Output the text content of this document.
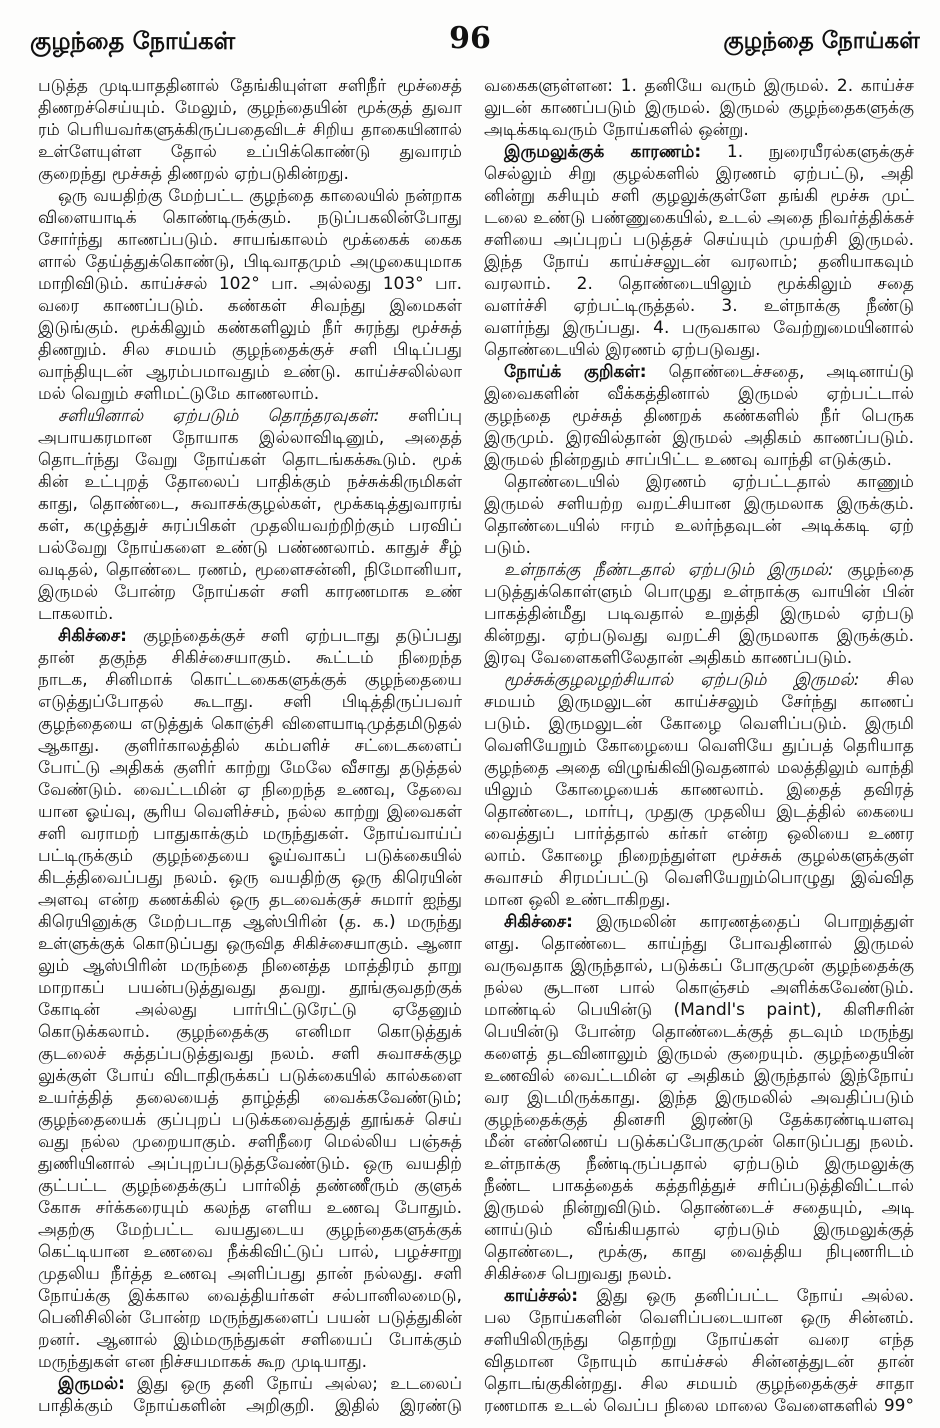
குழந்தை நோய்கள்	96	குழந்தை நோய்கள்
படுத்த முடியாததினால் தேங்கியுள்ள சளிநீர் மூச்சைத்
திணறச்செய்யும். மேலும், குழந்தையின் மூக்குத் துவா
ரம் பெரியவர்களுக்கிருப்பதைவிடச் சிறிய தாகையினால்
உள்ளேயுள்ள தோல் உப்பிக்கொண்டு துவாரம்
குறைந்து மூச்சுத் திணறல் ஏற்படுகின்றது.
ஒரு வயதிற்கு மேற்பட்ட குழந்தை காலையில் நன்றாக
விளையாடிக் கொண்டிருக்கும். நடுப்பகலின்போது
சோர்ந்து காணப்படும். சாயங்காலம் மூக்கைக் கைக
ளால் தேய்த்துக்கொண்டு, பிடிவாதமும் அழுகையுமாக
மாறிவிடும். காய்ச்சல் 102° பா. அல்லது 103° பா.
வரை காணப்படும். கண்கள் சிவந்து இமைகள்
இடுங்கும். மூக்கிலும் கண்களிலும் நீர் சுரந்து மூச்சுத்
திணறும். சில சமயம் குழந்தைக்குச் சளி பிடிப்பது
வாந்தியுடன் ஆரம்பமாவதும் உண்டு. காய்ச்சலில்லா
மல் வெறும் சளிமட்டுமே காணலாம்.
சளியினால் ஏற்படும் தொந்தரவுகள்: சளிப்பு
அபாயகரமான நோயாக இல்லாவிடினும், அதைத்
தொடர்ந்து வேறு நோய்கள் தொடங்கக்கூடும். மூக்
கின் உட்புறத் தோலைப் பாதிக்கும் நச்சுக்கிருமிகள்
காது, தொண்டை, சுவாசக்குழல்கள், மூக்கடித்துவாரங்
கள், கழுத்துச் சுரப்பிகள் முதலியவற்றிற்கும் பரவிப்
பல்வேறு நோய்களை உண்டு பண்ணலாம். காதுச் சீழ்
வடிதல், தொண்டை ரணம், மூளைசன்னி, நிமோனியா,
இருமல் போன்ற நோய்கள் சளி காரணமாக உண்
டாகலாம்.
சிகிச்சை: குழந்தைக்குச் சளி ஏற்படாது தடுப்பது
தான் தகுந்த சிகிச்சையாகும். கூட்டம் நிறைந்த
நாடக, சினிமாக் கொட்டகைகளுக்குக் குழந்தையை
எடுத்துப்போதல் கூடாது. சளி பிடித்திருப்பவர்
குழந்தையை எடுத்துக் கொஞ்சி விளையாடிமுத்தமிடுதல்
ஆகாது. குளிர்காலத்தில் கம்பளிச் சட்டைகளைப்
போட்டு அதிகக் குளிர் காற்று மேலே வீசாது தடுத்தல்
வேண்டும். வைட்டமின் ஏ நிறைந்த உணவு, தேவை
யான ஓய்வு, சூரிய வெளிச்சம், நல்ல காற்று இவைகள்
சளி வராமற் பாதுகாக்கும் மருந்துகள். நோய்வாய்ப்
பட்டிருக்கும் குழந்தையை ஓய்வாகப் படுக்கையில்
கிடத்திவைப்பது நலம். ஒரு வயதிற்கு ஒரு கிரெயின்
அளவு என்ற கணக்கில் ஒரு தடவைக்குச் சுமார் ஐந்து
கிரெயினுக்கு மேற்படாத ஆஸ்பிரின் (த. க.) மருந்து
உள்ளுக்குக் கொடுப்பது ஒருவித சிகிச்சையாகும். ஆனா
லும் ஆஸ்பிரின் மருந்தை நினைத்த மாத்திரம் தாறு
மாறாகப் பயன்படுத்துவது தவறு. தூங்குவதற்குக்
கோடின் அல்லது பார்பிட்டுரேட்டு ஏதேனும்
கொடுக்கலாம். குழந்தைக்கு எனிமா கொடுத்துக்
குடலைச் சுத்தப்படுத்துவது நலம். சளி சுவாசக்குழ
லுக்குள் போய் விடாதிருக்கப் படுக்கையில் கால்களை
உயர்த்தித் தலையைத் தாழ்த்தி வைக்கவேண்டும்;
குழந்தையைக் குப்புறப் படுக்கவைத்துத் தூங்கச் செய்
வது நல்ல முறையாகும். சளிநீரை மெல்லிய பஞ்சுத்
துணியினால் அப்புறப்படுத்தவேண்டும். ஒரு வயதிற்
குட்பட்ட குழந்தைக்குப் பார்லித் தண்ணீரும் குளுக்
கோசு சர்க்கரையும் கலந்த எளிய உணவு போதும்.
அதற்கு மேற்பட்ட வயதுடைய குழந்தைகளுக்குக்
கெட்டியான உணவை நீக்கிவிட்டுப் பால், பழச்சாறு
முதலிய நீர்த்த உணவு அளிப்பது தான் நல்லது. சளி
நோய்க்கு இக்கால வைத்தியர்கள் சல்பானிலமைடு,
பெனிசிலின் போன்ற மருந்துகளைப் பயன் படுத்துகின்
றனர். ஆனால் இம்மருந்துகள் சளியைப் போக்கும்
மருந்துகள் என நிச்சயமாகக் கூற முடியாது.
இருமல்: இது ஒரு தனி நோய் அல்ல; உடலைப்
பாதிக்கும் நோய்களின் அறிகுறி. இதில் இரண்டு
வகைகளுள்ளன: 1. தனியே வரும் இருமல். 2. காய்ச்ச
லுடன் காணப்படும் இருமல். இருமல் குழந்தைகளுக்கு
அடிக்கடிவரும் நோய்களில் ஒன்று.
இருமலுக்குக் காரணம்: 1. நுரையீரல்களுக்குச்
செல்லும் சிறு குழல்களில் இரணம் ஏற்பட்டு, அதி
னின்று கசியும் சளி குழலுக்குள்ளே தங்கி மூச்சு முட்
டலை உண்டு பண்ணுகையில், உடல் அதை நிவர்த்திக்கச்
சளியை அப்புறப் படுத்தச் செய்யும் முயற்சி இருமல்.
இந்த நோய் காய்ச்சலுடன் வரலாம்; தனியாகவும்
வரலாம். 2. தொண்டையிலும் மூக்கிலும் சதை
வளர்ச்சி ஏற்பட்டிருத்தல். 3. உள்நாக்கு நீண்டு
வளர்ந்து இருப்பது. 4. பருவகால வேற்றுமையினால்
தொண்டையில் இரணம் ஏற்படுவது.
நோய்க் குறிகள்: தொண்டைச்சதை, அடினாய்டு
இவைகளின் வீக்கத்தினால் இருமல் ஏற்பட்டால்
குழந்தை மூச்சுத் திணறக் கண்களில் நீர் பெருக
இருமும். இரவில்தான் இருமல் அதிகம் காணப்படும்.
இருமல் நின்றதும் சாப்பிட்ட உணவு வாந்தி எடுக்கும்.
தொண்டையில் இரணம் ஏற்பட்டதால் காணும்
இருமல் சளியற்ற வறட்சியான இருமலாக இருக்கும்.
தொண்டையில் ஈரம் உலர்ந்தவுடன் அடிக்கடி ஏற்
படும்.
உள்நாக்கு நீண்டதால் ஏற்படும் இருமல்: குழந்தை
படுத்துக்கொள்ளும் பொழுது உள்நாக்கு வாயின் பின்
பாகத்தின்மீது படிவதால் உறுத்தி இருமல் ஏற்படு
கின்றது. ஏற்படுவது வறட்சி இருமலாக இருக்கும்.
இரவு வேளைகளிலேதான் அதிகம் காணப்படும்.
மூச்சுக்குழலழற்சியால் ஏற்படும் இருமல்: சில
சமயம் இருமலுடன் காய்ச்சலும் சேர்ந்து காணப்
படும். இருமலுடன் கோழை வெளிப்படும். இருமி
வெளியேறும் கோழையை வெளியே துப்பத் தெரியாத
குழந்தை அதை விழுங்கிவிடுவதனால் மலத்திலும் வாந்தி
யிலும் கோழையைக் காணலாம். இதைத் தவிரத்
தொண்டை, மார்பு, முதுகு முதலிய இடத்தில் கையை
வைத்துப் பார்த்தால் கர்கர் என்ற ஒலியை உணர
லாம். கோழை நிறைந்துள்ள மூச்சுக் குழல்களுக்குள்
சுவாசம் சிரமப்பட்டு வெளியேறும்பொழுது இவ்வித
மான ஒலி உண்டாகிறது.
சிகிச்சை: இருமலின் காரணத்தைப் பொறுத்துள்
ளது. தொண்டை காய்ந்து போவதினால் இருமல்
வருவதாக இருந்தால், படுக்கப் போகுமுன் குழந்தைக்கு
நல்ல சூடான பால் கொஞ்சம் அளிக்கவேண்டும்.
மாண்டில் பெயின்டு (Mandl's paint), கிளிசரின்
பெயின்டு போன்ற தொண்டைக்குத் தடவும் மருந்து
களைத் தடவினாலும் இருமல் குறையும். குழந்தையின்
உணவில் வைட்டமின் ஏ அதிகம் இருந்தால் இந்நோய்
வர இடமிருக்காது. இந்த இருமலில் அவதிப்படும்
குழந்தைக்குத் தினசரி இரண்டு தேக்கரண்டியளவு
மீன் எண்ணெய் படுக்கப்போகுமுன் கொடுப்பது நலம்.
உள்நாக்கு நீண்டிருப்பதால் ஏற்படும் இருமலுக்கு
நீண்ட பாகத்தைக் கத்தரித்துச் சரிப்படுத்திவிட்டால்
இருமல் நின்றுவிடும். தொண்டைச் சதையும், அடி
னாய்டும் வீங்கியதால் ஏற்படும் இருமலுக்குத்
தொண்டை, மூக்கு, காது வைத்திய நிபுணரிடம்
சிகிச்சை பெறுவது நலம்.
காய்ச்சல்: இது ஒரு தனிப்பட்ட நோய் அல்ல.
பல நோய்களின் வெளிப்படையான ஒரு சின்னம்.
சளியிலிருந்து தொற்று நோய்கள் வரை எந்த
விதமான நோயும் காய்ச்சல் சின்னத்துடன் தான்
தொடங்குகின்றது. சில சமயம் குழந்தைக்குச் சாதா
ரணமாக உடல் வெப்ப நிலை மாலை வேளைகளில் 99°
